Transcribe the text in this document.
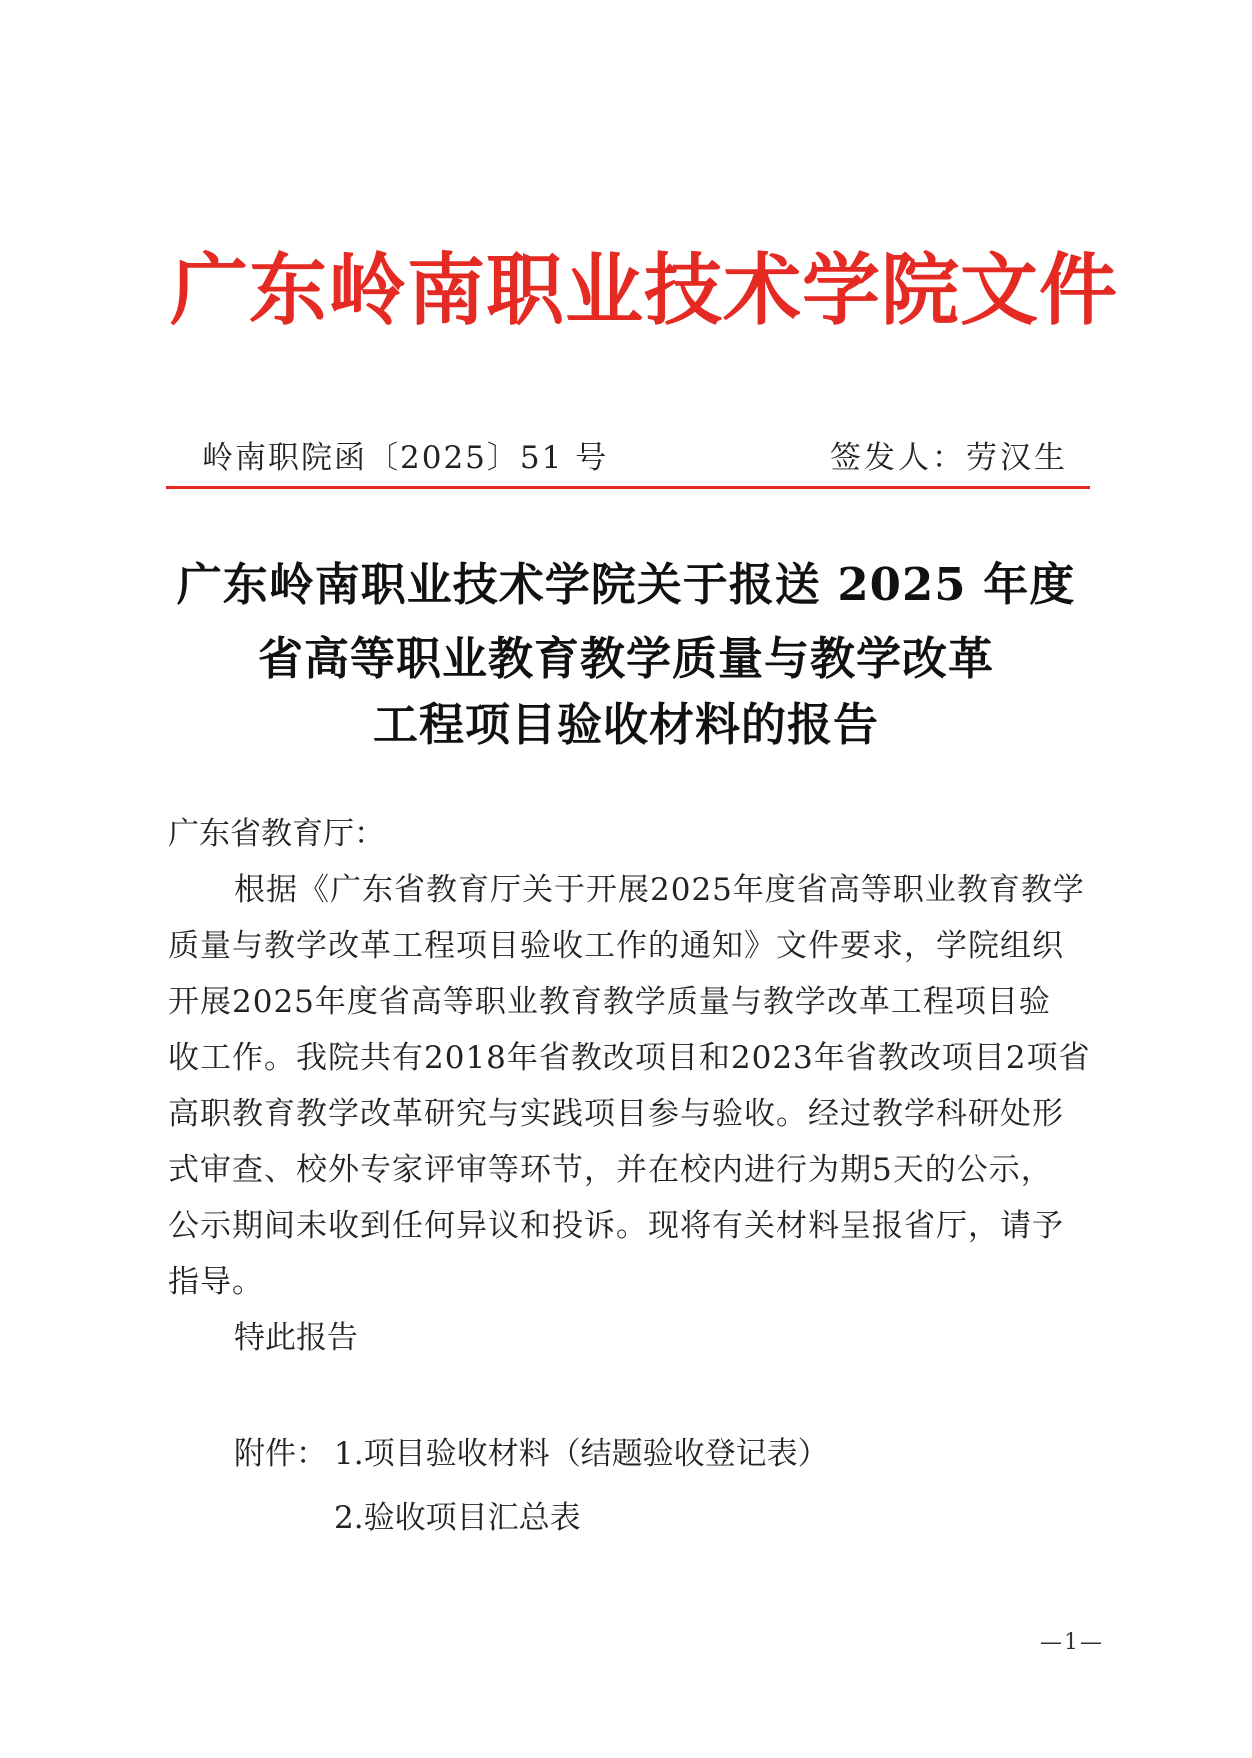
广东岭南职业技术学院文件
岭南职院函〔2025〕51 号	签发人：劳汉生
广东岭南职业技术学院关于报送 2025 年度
省高等职业教育教学质量与教学改革
工程项目验收材料的报告
广东省教育厅：
根据《广东省教育厅关于开展2025年度省高等职业教育教学
质量与教学改革工程项目验收工作的通知》文件要求，学院组织
开展2025年度省高等职业教育教学质量与教学改革工程项目验
收工作。我院共有2018年省教改项目和2023年省教改项目2项省
高职教育教学改革研究与实践项目参与验收。经过教学科研处形
式审查、校外专家评审等环节，并在校内进行为期5天的公示，
公示期间未收到任何异议和投诉。现将有关材料呈报省厅，请予
指导。
特此报告
附件： 1.项目验收材料（结题验收登记表）
2.验收项目汇总表
—1—
